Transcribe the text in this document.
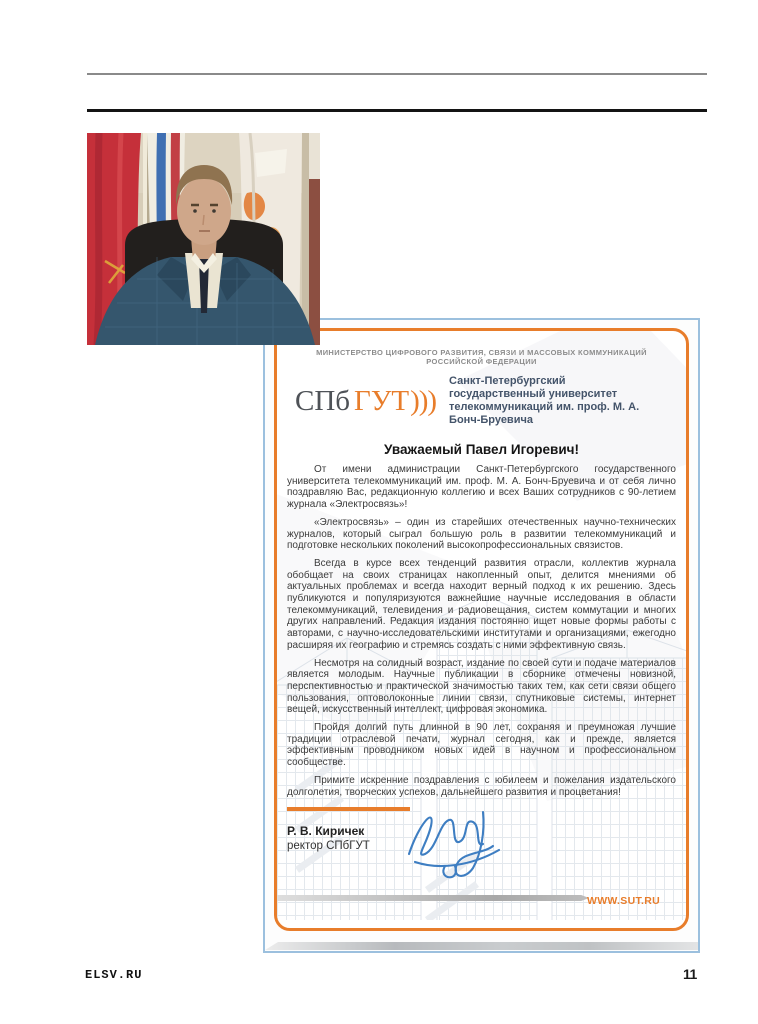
МИНИСТЕРСТВО ЦИФРОВОГО РАЗВИТИЯ, СВЯЗИ И МАССОВЫХ КОММУНИКАЦИЙ РОССИЙСКОЙ ФЕДЕРАЦИИ
СПб ГУТ)))
Санкт-Петербургский государственный университет телекоммуникаций им. проф. М. А. Бонч-Бруевича
Уважаемый Павел Игоревич!

От имени администрации Санкт-Петербургского государственного университета телекоммуникаций им. проф. М. А. Бонч-Бруевича и от себя лично поздравляю Вас, редакционную коллегию и всех Ваших сотрудников с 90-летием журнала «Электросвязь»!

«Электросвязь» – один из старейших отечественных научно-технических журналов, который сыграл большую роль в развитии телекоммуникаций и подготовке нескольких поколений высокопрофессиональных связистов.

Всегда в курсе всех тенденций развития отрасли, коллектив журнала обобщает на своих страницах накопленный опыт, делится мнениями об актуальных проблемах и всегда находит верный подход к их решению. Здесь публикуются и популяризуются важнейшие научные исследования в области телекоммуникаций, телевидения и радиовещания, систем коммутации и многих других направлений. Редакция издания постоянно ищет новые формы работы с авторами, с научно-исследовательскими институтами и организациями, ежегодно расширяя их географию и стремясь создать с ними эффективную связь.

Несмотря на солидный возраст, издание по своей сути и подаче материалов является молодым. Научные публикации в сборнике отмечены новизной, перспективностью и практической значимостью таких тем, как сети связи общего пользования, оптоволоконные линии связи, спутниковые системы, интернет вещей, искусственный интеллект, цифровая экономика.

Пройдя долгий путь длинной в 90 лет, сохраняя и преумножая лучшие традиции отраслевой печати, журнал сегодня, как и прежде, является эффективным проводником новых идей в научном и профессиональном сообществе.

Примите искренние поздравления с юбилеем и пожелания издательского долголетия, творческих успехов, дальнейшего развития и процветания!

Р. В. Киричек
ректор СПбГУТ
WWW.SUT.RU
ELSV.RU	11
